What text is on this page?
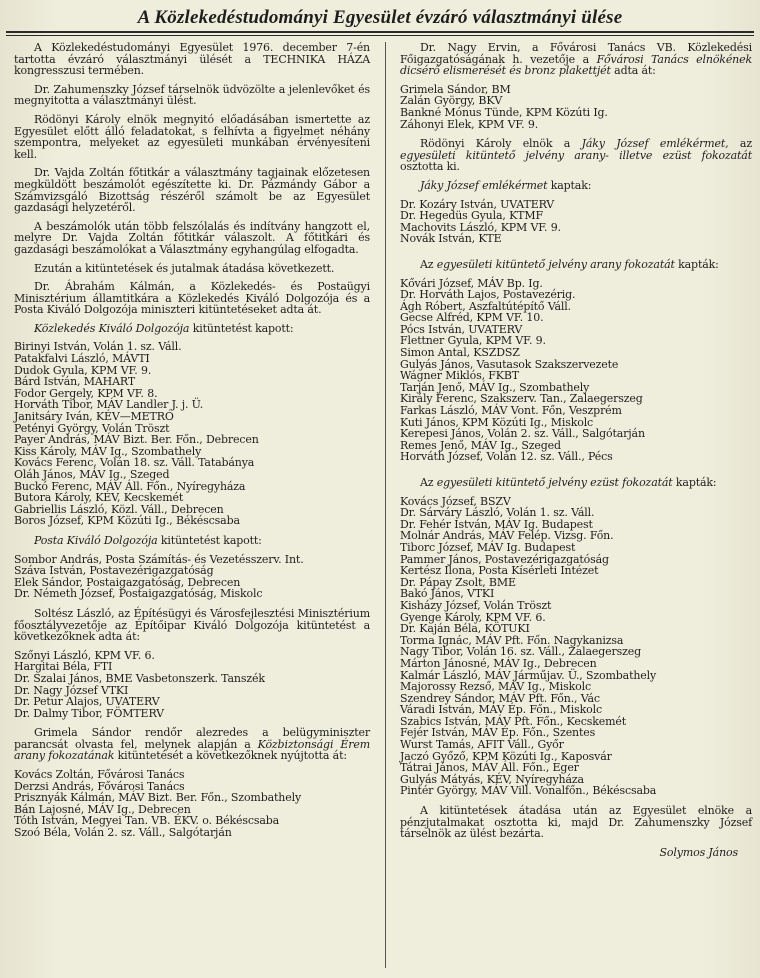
A Közlekedéstudományi Egyesület évzáró választmányi ülése

A Közlekedéstudományi Egyesület 1976. december 7-én tartotta évzáró választmányi ülését a TECHNIKA HÁZA kongresszusi termében.

Dr. Zahumenszky József társelnök üdvözölte a jelenlevőket és megnyitotta a választmányi ülést.

Rödönyi Károly elnök megnyitó előadásában ismertette az Egyesület előtt álló feladatokat, s felhívta a figyelmet néhány szempontra, melyeket az egyesületi munkában érvényesíteni kell.

Dr. Vajda Zoltán főtitkár a választmány tagjainak előzetesen megküldött beszámolót egészítette ki. Dr. Pázmándy Gábor a Számvizsgáló Bizottság részéről számolt be az Egyesület gazdasági helyzetéről.

A beszámolók után több felszólalás és indítvány hangzott el, melyre Dr. Vajda Zoltán főtitkár válaszolt. A főtitkári és gazdasági beszámolókat a Választmány egyhangúlag elfogadta.

Ezután a kitüntetések és jutalmak átadása következett.

Dr. Ábrahám Kálmán, a Közlekedés- és Postaügyi Minisztérium államtitkára a Közlekedés Kiváló Dolgozója és a Posta Kiváló Dolgozója miniszteri kitüntetéseket adta át.

Közlekedés Kiváló Dolgozója kitüntetést kapott:

Birinyi István, Volán 1. sz. Váll.
Patakfalvi László, MÁVTI
Dudok Gyula, KPM VF. 9.
Bárd István, MAHART
Fodor Gergely, KPM VF. 8.
Horváth Tibor, MÁV Landler J. j. Ü.
Janitsáry Iván, KÉV—METRÓ
Petényi György, Volán Tröszt
Payer András, MÁV Bizt. Ber. Főn., Debrecen
Kiss Károly, MÁV Ig., Szombathely
Kovács Ferenc, Volán 18. sz. Váll. Tatabánya
Oláh János, MÁV Ig., Szeged
Buckó Ferenc, MÁV Áll. Főn., Nyíregyháza
Butora Károly, KÉV, Kecskemét
Gabriellis László, Közl. Váll., Debrecen
Boros József, KPM Közúti Ig., Békéscsaba

Posta Kiváló Dolgozója kitüntetést kapott:

Sombor András, Posta Számítás- és Vezetésszerv. Int.
Száva István, Postavezérigazgatóság
Elek Sándor, Postaigazgatóság, Debrecen
Dr. Németh József, Postaigazgatóság, Miskolc

Soltész László, az Építésügyi és Városfejlesztési Minisztérium főosztályvezetője az Építőipar Kiváló Dolgozója kitüntetést a következőknek adta át:

Szőnyi László, KPM VF. 6.
Hargitai Béla, FTI
Dr. Szalai János, BME Vasbetonszerk. Tanszék
Dr. Nagy József VTKI
Dr. Petur Alajos, UVATERV
Dr. Dalmy Tibor, FÖMTERV

Grimela Sándor rendőr alezredes a belügyminiszter parancsát olvasta fel, melynek alapján a Közbiztonsági Érem arany fokozatának kitüntetését a következőknek nyújtotta át:

Kovács Zoltán, Fővárosi Tanács
Derzsi András, Fővárosi Tanács
Prisznyák Kálmán, MÁV Bizt. Ber. Főn., Szombathely
Bán Lajosné, MÁV Ig., Debrecen
Tóth István, Megyei Tan. VB. ÉKV. o. Békéscsaba
Szoó Béla, Volán 2. sz. Váll., Salgótarján

Dr. Nagy Ervin, a Fővárosi Tanács VB. Közlekedési Főigazgatóságának h. vezetője a Fővárosi Tanács elnökének dicsérő elismerését és bronz plakettjét adta át:

Grimela Sándor, BM
Zalán György, BKV
Bankné Mónus Tünde, KPM Közúti Ig.
Záhonyi Elek, KPM VF. 9.

Rödönyi Károly elnök a Jáky József emlékérmet, az egyesületi kitüntető jelvény arany- illetve ezüst fokozatát osztotta ki.

Jáky József emlékérmet kaptak:

Dr. Kozáry István, UVATERV
Dr. Hegedüs Gyula, KTMF
Machovits László, KPM VF. 9.
Novák István, KTE

Az egyesületi kitüntető jelvény arany fokozatát kapták:

Kővári József, MÁV Bp. Ig.
Dr. Horváth Lajos, Postavezérig.
Ágh Róbert, Aszfaltútépítő Váll.
Gecse Alfréd, KPM VF. 10.
Pócs István, UVATERV
Flettner Gyula, KPM VF. 9.
Simon Antal, KSZDSZ
Gulyás János, Vasutasok Szakszervezete
Wágner Miklós, FKBT
Tarján Jenő, MÁV Ig., Szombathely
Király Ferenc, Szakszerv. Tan., Zalaegerszeg
Farkas László, MÁV Vont. Főn, Veszprém
Kuti János, KPM Közúti Ig., Miskolc
Kerepesi János, Volán 2. sz. Váll., Salgótarján
Remes Jenő, MÁV Ig., Szeged
Horváth József, Volán 12. sz. Váll., Pécs

Az egyesületi kitüntető jelvény ezüst fokozatát kapták:

Kovács József, BSZV
Dr. Sárváry László, Volán 1. sz. Váll.
Dr. Fehér István, MÁV Ig. Budapest
Molnár András, MÁV Felép. Vizsg. Főn.
Tiborc József, MÁV Ig. Budapest
Pammer János, Postavezérigazgatóság
Kertész Ilona, Posta Kísérleti Intézet
Dr. Pápay Zsolt, BME
Bakó János, VTKI
Kisházy József, Volán Tröszt
Gyenge Károly, KPM VF. 6.
Dr. Kaján Béla, KÖTUKI
Torma Ignác, MÁV Pft. Főn. Nagykanizsa
Nagy Tibor, Volán 16. sz. Váll., Zalaegerszeg
Márton Jánosné, MÁV Ig., Debrecen
Kalmár László, MÁV Járműjav. Ü., Szombathely
Majorossy Rezső, MÁV Ig., Miskolc
Szendrey Sándor, MÁV Pft. Főn., Vác
Váradi István, MÁV Ép. Főn., Miskolc
Szabics István, MÁV Pft. Főn., Kecskemét
Fejér István, MÁV Ép. Főn., Szentes
Wurst Tamás, AFIT Váll., Győr
Jaczó Győző, KPM Közúti Ig., Kaposvár
Tátrai János, MÁV Áll. Főn., Eger
Gulyás Mátyás, KÉV, Nyíregyháza
Pintér György, MÁV Vill. Vonalfőn., Békéscsaba

A kitüntetések átadása után az Egyesület elnöke a pénzjutalmakat osztotta ki, majd Dr. Zahumenszky József társelnök az ülést bezárta.

Solymos János
